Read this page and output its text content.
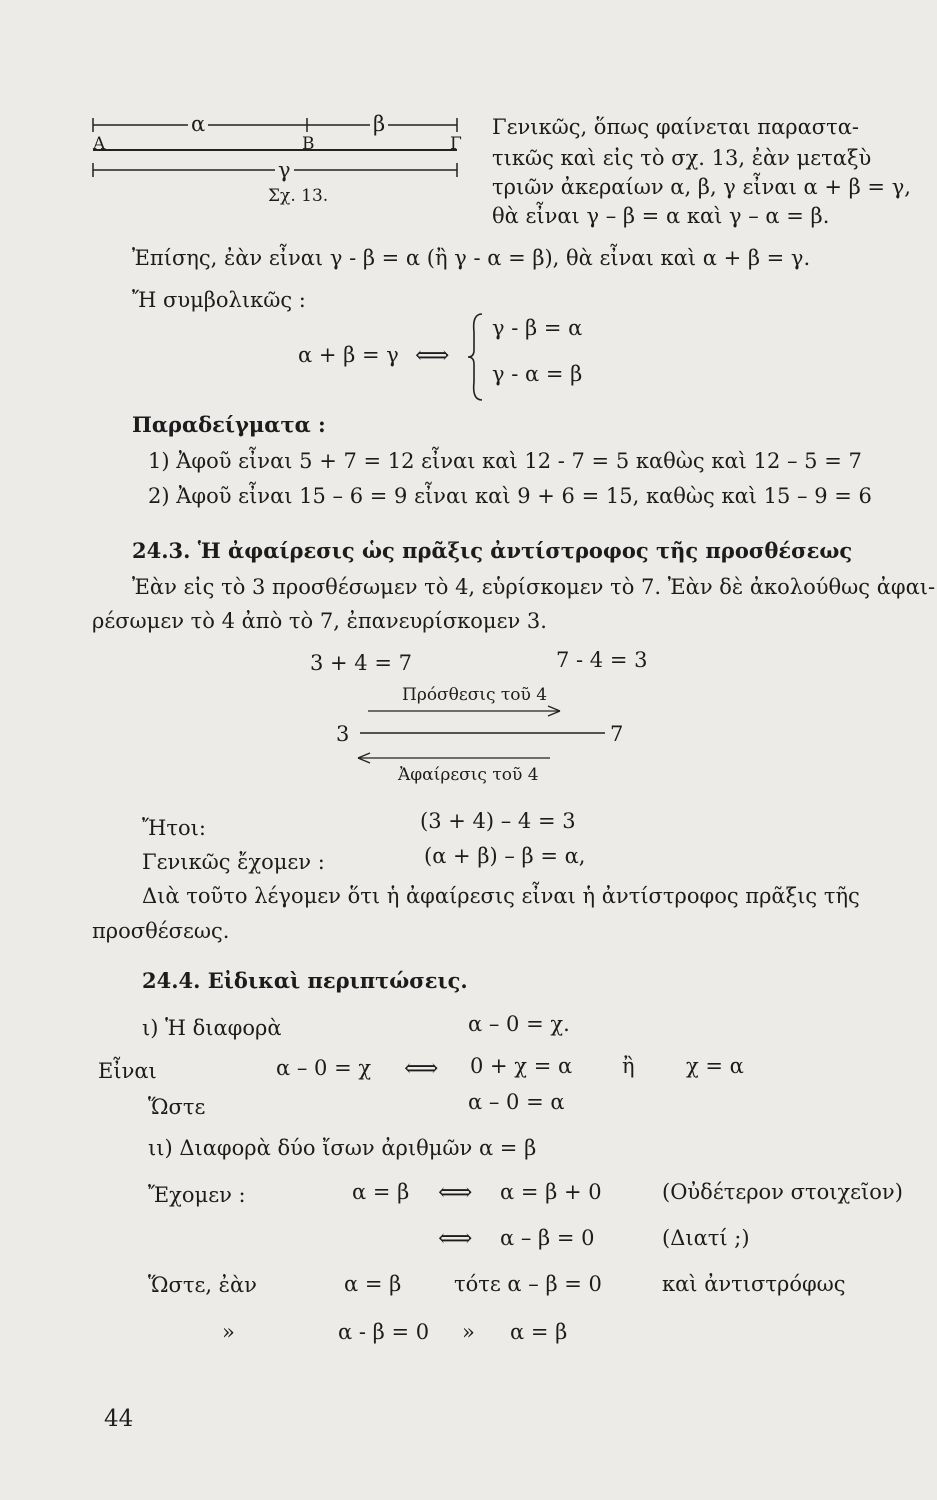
α	β
A	B	Γ
γ
Σχ. 13.
Γενικῶς, ὅπως φαίνεται παραστα-
τικῶς καὶ εἰς τὸ σχ. 13, ἐὰν μεταξὺ
τριῶν ἀκεραίων α, β, γ εἶναι α + β = γ,
θὰ εἶναι γ – β = α καὶ γ – α = β.
Ἐπίσης, ἐὰν εἶναι γ - β = α (ἢ γ - α = β), θὰ εἶναι καὶ α + β = γ.
Ἤ συμβολικῶς :
α + β = γ ⟺
γ - β = α
γ - α = β
Παραδείγματα :
1) Ἀφοῦ εἶναι 5 + 7 = 12 εἶναι καὶ 12 - 7 = 5 καθὼς καὶ 12 – 5 = 7
2) Ἀφοῦ εἶναι 15 – 6 = 9 εἶναι καὶ 9 + 6 = 15, καθὼς καὶ 15 – 9 = 6
24.3. Ἡ ἀφαίρεσις ὡς πρᾶξις ἀντίστροφος τῆς προσθέσεως
Ἐὰν εἰς τὸ 3 προσθέσωμεν τὸ 4, εὑρίσκομεν τὸ 7. Ἐὰν δὲ ἀκολούθως ἀφαι-
ρέσωμεν τὸ 4 ἀπὸ τὸ 7, ἐπανευρίσκομεν 3.
3 + 4 = 7	7 - 4 = 3
Πρόσθεσις τοῦ 4
3	7
Ἀφαίρεσις τοῦ 4
Ἤτοι:	(3 + 4) – 4 = 3
Γενικῶς ἔχομεν :	(α + β) – β = α,
Διὰ τοῦτο λέγομεν ὅτι ἡ ἀφαίρεσις εἶναι ἡ ἀντίστροφος πρᾶξις τῆς
προσθέσεως.
24.4. Εἰδικαὶ περιπτώσεις.
ι) Ἡ διαφορὰ	α – 0 = χ.
Εἶναι	α – 0 = χ ⟺ 0 + χ = α ἢ χ = α
Ὥστε	α – 0 = α
ιι) Διαφορὰ δύο ἴσων ἀριθμῶν α = β
Ἔχομεν :	α = β ⟺ α = β + 0	(Οὐδέτερον στοιχεῖον)
⟺ α – β = 0	(Διατί ;)
Ὥστε, ἐὰν	α = β	τότε α – β = 0	καὶ ἀντιστρόφως
»	α - β = 0 » α = β
44
